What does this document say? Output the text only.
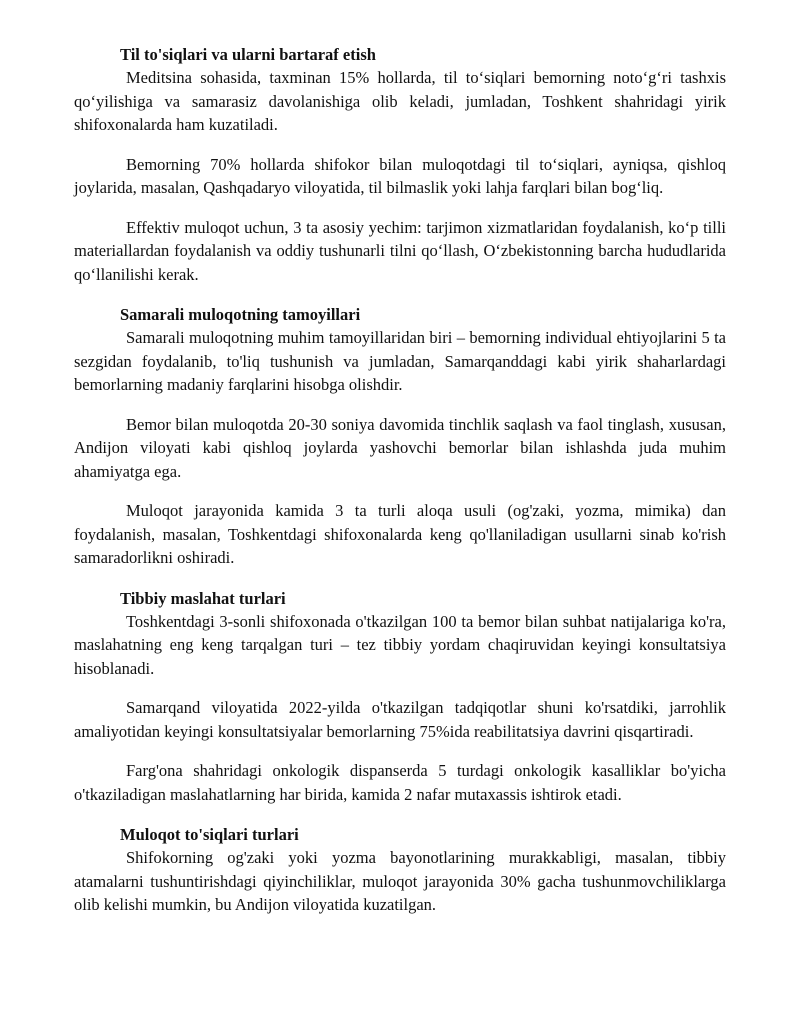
Til to'siqlari va ularni bartaraf etish

Meditsina sohasida, taxminan 15% hollarda, til to‘siqlari bemorning noto‘g‘ri tashxis qo‘yilishiga va samarasiz davolanishiga olib keladi, jumladan, Toshkent shahridagi yirik shifoxonalarda ham kuzatiladi.

Bemorning 70% hollarda shifokor bilan muloqotdagi til to‘siqlari, ayniqsa, qishloq joylarida, masalan, Qashqadaryo viloyatida, til bilmaslik yoki lahja farqlari bilan bog‘liq.

Effektiv muloqot uchun, 3 ta asosiy yechim: tarjimon xizmatlaridan foydalanish, ko‘p tilli materiallardan foydalanish va oddiy tushunarli tilni qo‘llash, O‘zbekistonning barcha hududlarida qo‘llanilishi kerak.

Samarali muloqotning tamoyillari

Samarali muloqotning muhim tamoyillaridan biri – bemorning individual ehtiyojlarini 5 ta sezgidan foydalanib, to'liq tushunish va jumladan, Samarqanddagi kabi yirik shaharlardagi bemorlarning madaniy farqlarini hisobga olishdir.

Bemor bilan muloqotda 20-30 soniya davomida tinchlik saqlash va faol tinglash, xususan, Andijon viloyati kabi qishloq joylarda yashovchi bemorlar bilan ishlashda juda muhim ahamiyatga ega.

Muloqot jarayonida kamida 3 ta turli aloqa usuli (og'zaki, yozma, mimika) dan foydalanish, masalan, Toshkentdagi shifoxonalarda keng qo'llaniladigan usullarni sinab ko'rish samaradorlikni oshiradi.

Tibbiy maslahat turlari

Toshkentdagi 3-sonli shifoxonada o'tkazilgan 100 ta bemor bilan suhbat natijalariga ko'ra, maslahatning eng keng tarqalgan turi – tez tibbiy yordam chaqiruvidan keyingi konsultatsiya hisoblanadi.

Samarqand viloyatida 2022-yilda o'tkazilgan tadqiqotlar shuni ko'rsatdiki, jarrohlik amaliyotidan keyingi konsultatsiyalar bemorlarning 75%ida reabilitatsiya davrini qisqartiradi.

Farg'ona shahridagi onkologik dispanserda 5 turdagi onkologik kasalliklar bo'yicha o'tkaziladigan maslahatlarning har birida, kamida 2 nafar mutaxassis ishtirok etadi.

Muloqot to'siqlari turlari

Shifokorning og'zaki yoki yozma bayonotlarining murakkabligi, masalan, tibbiy atamalarni tushuntirishdagi qiyinchiliklar, muloqot jarayonida 30% gacha tushunmovchiliklarga olib kelishi mumkin, bu Andijon viloyatida kuzatilgan.
